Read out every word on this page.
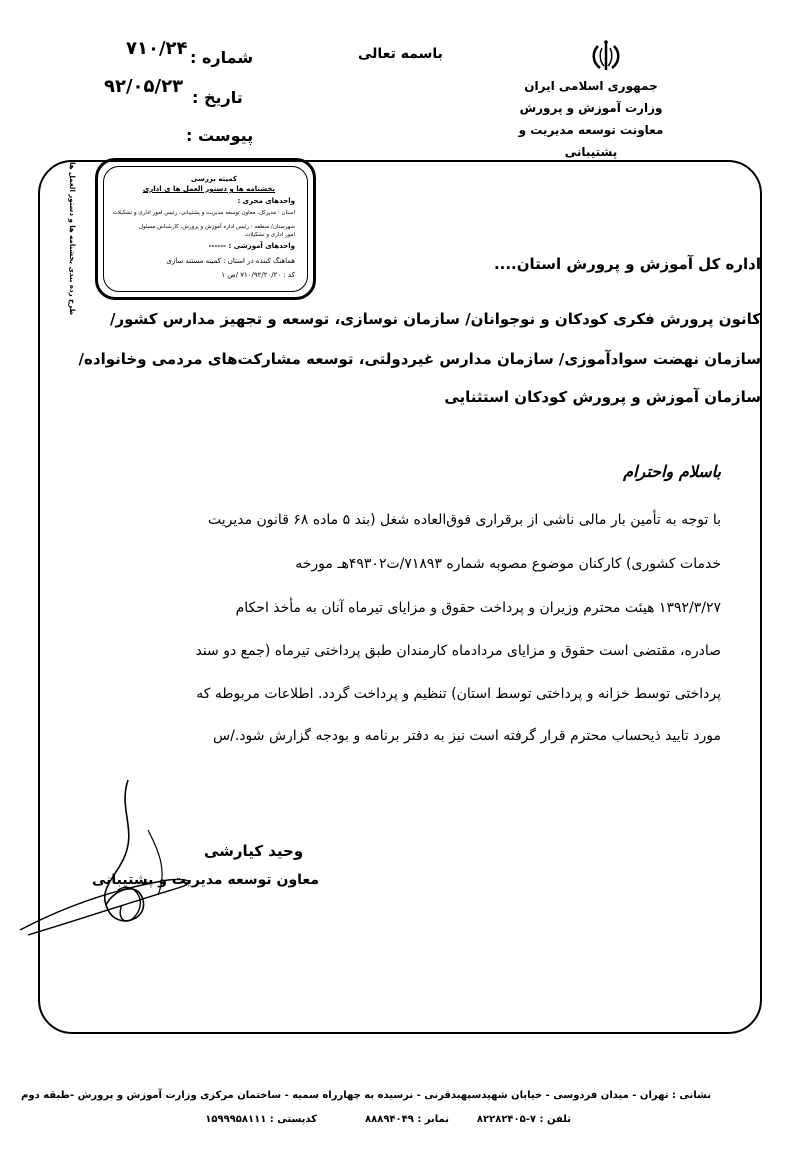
جمهوری اسلامی ایران
وزارت آموزش و پرورش
معاونت توسعه مدیریت و پشتیبانی
باسمه تعالی
شماره :
۷۱۰/۲۴
تاریخ :
۹۲/۰۵/۲۳
پیوست :
کمیته بررسی
بخشنامه ها و دستور العمل ها ی اداری
واحدهای مجری :
استان : مدیرکل، معاون توسعه مدیریت و پشتیبانی، رئیس امور اداری و تشکیلات
شهرستان/ منطقه : رئیس اداره آموزش و پرورش، کارشناس مسئول
امور اداری و تشکیلات
واحدهای آموزشی : ------
هماهنگ کننده در استان : کمیته مستند سازی
کد : ۷۱۰/۹۲/۲۰/۲۰ /ص ۱
طرح رده بندی بخشنامه ها و دستور العمل ها	اداره کل آموزش و پرورش استان....
کانون پرورش فکری کودکان و نوجوانان/ سازمان نوسازی، توسعه و تجهیز مدارس کشور/
سازمان نهضت سوادآموزی/ سازمان مدارس غیردولتی، توسعه مشارکت‌های مردمی وخانواده/
سازمان آموزش و پرورش کودکان استثنایی
باسلام واحترام
با توجه به تأمین بار مالی ناشی از برقراری فوق‌العاده شغل (بند ۵ ماده ۶۸ قانون مدیریت
خدمات کشوری) کارکنان موضوع مصوبه شماره ۷۱۸۹۳/ت۴۹۳۰۲هـ مورخه
۱۳۹۲/۳/۲۷ هیئت محترم وزیران و پرداخت حقوق و مزایای تیرماه آنان به مأخذ احکام
صادره، مقتضی است حقوق و مزایای مردادماه کارمندان طبق پرداختی تیرماه (جمع دو سند
پرداختی توسط خزانه و پرداختی توسط استان) تنظیم و پرداخت گردد. اطلاعات مربوطه که
مورد تایید ذیحساب محترم قرار گرفته است نیز به دفتر برنامه و بودجه گزارش شود./س
وحید کیارشی
معاون توسعه مدیریت و پشتیبانی
نشانی : تهران - میدان فردوسی - خیابان شهیدسپهبدقرنی - نرسیده به چهارراه سمیه - ساختمان مرکزی وزارت آموزش و پرورش -طبقه دوم
تلفن : ۷-۸۲۲۸۲۴۰۵
نمابر : ۸۸۸۹۴۰۴۹
کدپستی : ۱۵۹۹۹۵۸۱۱۱
